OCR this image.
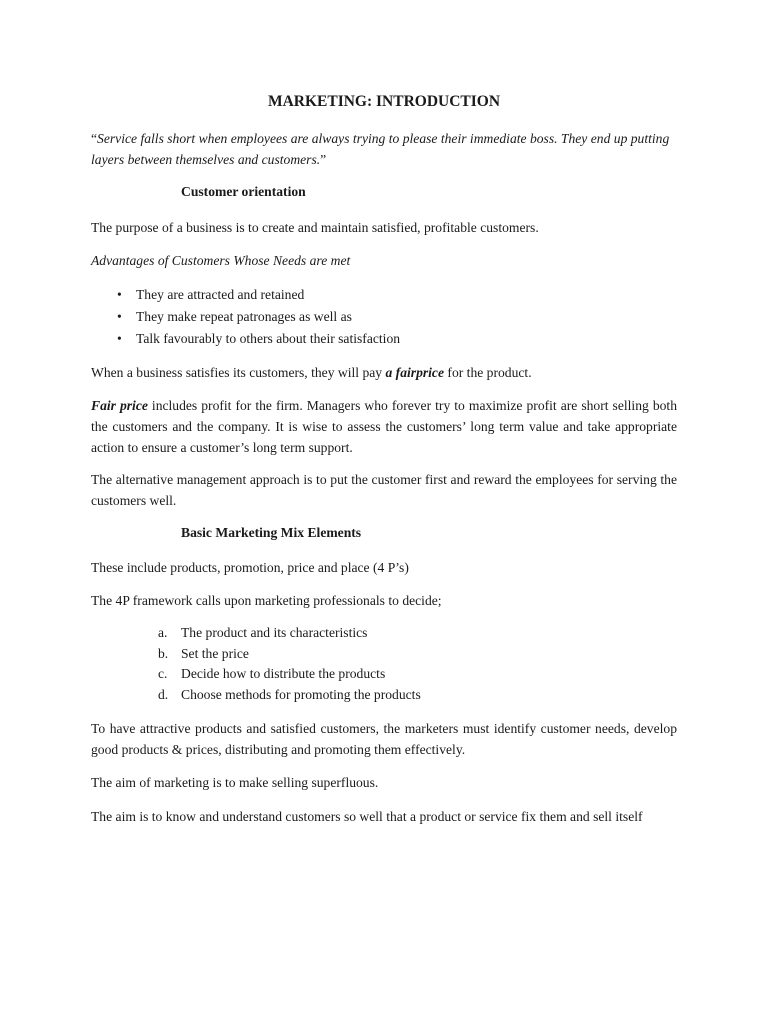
MARKETING: INTRODUCTION

“Service falls short when employees are always trying to please their immediate boss. They end up putting layers between themselves and customers.”

Customer orientation

The purpose of a business is to create and maintain satisfied, profitable customers.

Advantages of Customers Whose Needs are met

• They are attracted and retained
• They make repeat patronages as well as
• Talk favourably to others about their satisfaction

When a business satisfies its customers, they will pay a fairprice for the product.

Fair price includes profit for the firm. Managers who forever try to maximize profit are short selling both the customers and the company. It is wise to assess the customers’ long term value and take appropriate action to ensure a customer’s long term support.

The alternative management approach is to put the customer first and reward the employees for serving the customers well.

Basic Marketing Mix Elements

These include products, promotion, price and place (4 P’s)

The 4P framework calls upon marketing professionals to decide;

a. The product and its characteristics
b. Set the price
c. Decide how to distribute the products
d. Choose methods for promoting the products

To have attractive products and satisfied customers, the marketers must identify customer needs, develop good products & prices, distributing and promoting them effectively.

The aim of marketing is to make selling superfluous.

The aim is to know and understand customers so well that a product or service fix them and sell itself
